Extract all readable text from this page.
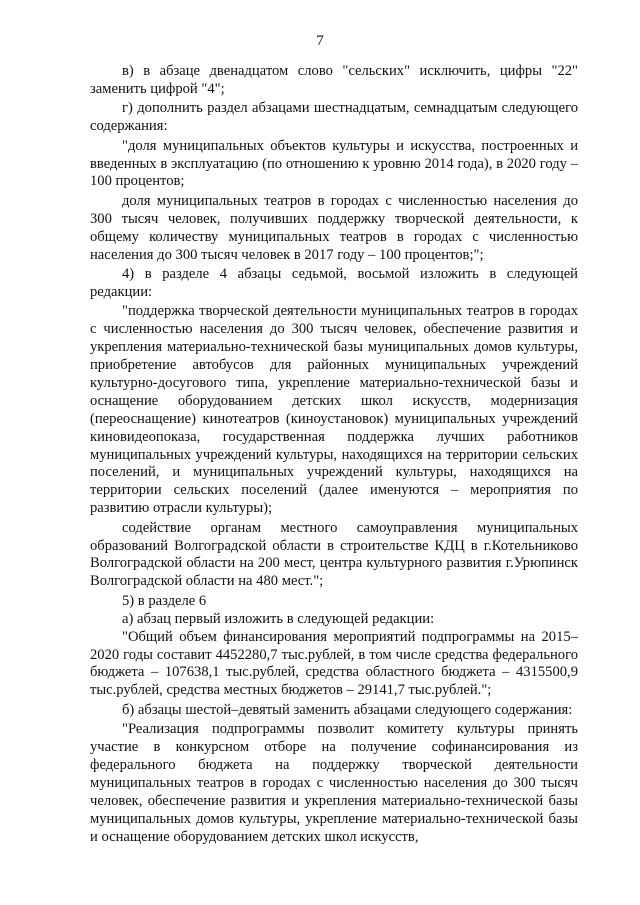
7

в) в абзаце двенадцатом слово "сельских" исключить, цифры "22" заменить цифрой "4";

г) дополнить раздел абзацами шестнадцатым, семнадцатым следующего содержания:

"доля муниципальных объектов культуры и искусства, построенных и введенных в эксплуатацию (по отношению к уровню 2014 года), в 2020 году – 100 процентов;

доля муниципальных театров в городах с численностью населения до 300 тысяч человек, получивших поддержку творческой деятельности, к общему количеству муниципальных театров в городах с численностью населения до 300 тысяч человек в 2017 году – 100 процентов;";

4) в разделе 4 абзацы седьмой, восьмой изложить в следующей редакции:

"поддержка творческой деятельности муниципальных театров в городах с численностью населения до 300 тысяч человек, обеспечение развития и укрепления материально-технической базы муниципальных домов культуры, приобретение автобусов для районных муниципальных учреждений культурно-досугового типа, укрепление материально-технической базы и оснащение оборудованием детских школ искусств, модернизация (переоснащение) кинотеатров (киноустановок) муниципальных учреждений киновидеопоказа, государственная поддержка лучших работников муниципальных учреждений культуры, находящихся на территории сельских поселений, и муниципальных учреждений культуры, находящихся на территории сельских поселений (далее именуются – мероприятия по развитию отрасли культуры);

содействие органам местного самоуправления муниципальных образований Волгоградской области в строительстве КДЦ в г.Котельниково Волгоградской области на 200 мест, центра культурного развития г.Урюпинск Волгоградской области на 480 мест.";

5) в разделе 6

а) абзац первый изложить в следующей редакции:

"Общий объем финансирования мероприятий подпрограммы на 2015–2020 годы составит 4452280,7 тыс.рублей, в том числе средства федерального бюджета – 107638,1 тыс.рублей, средства областного бюджета – 4315500,9 тыс.рублей, средства местных бюджетов – 29141,7 тыс.рублей.";

б) абзацы шестой–девятый заменить абзацами следующего содержания:

"Реализация подпрограммы позволит комитету культуры принять участие в конкурсном отборе на получение софинансирования из федерального бюджета на поддержку творческой деятельности муниципальных театров в городах с численностью населения до 300 тысяч человек, обеспечение развития и укрепления материально-технической базы муниципальных домов культуры, укрепление материально-технической базы и оснащение оборудованием детских школ искусств,
